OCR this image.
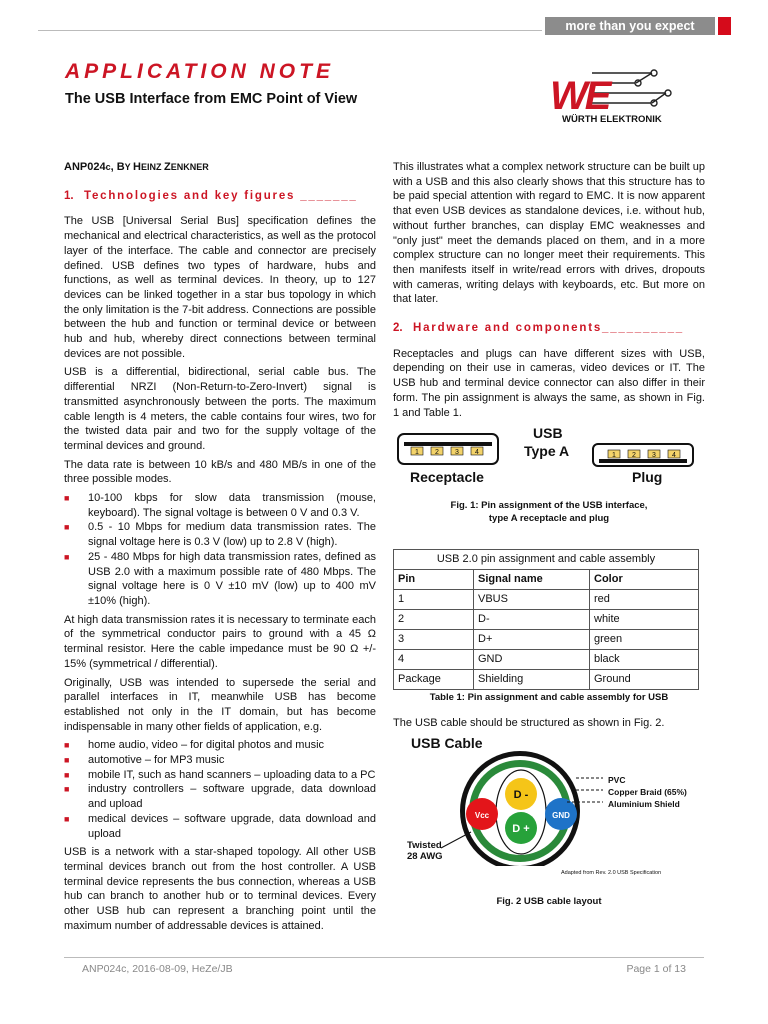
more than you expect
APPLICATION NOTE
The USB Interface from EMC Point of View	WE
WÜRTH ELEKTRONIK
ANP024c, BY HEINZ ZENKNER
1. Technologies and key figures _______

The USB [Universal Serial Bus] specification defines the mechanical and electrical characteristics, as well as the protocol layer of the interface. The cable and connector are precisely defined. USB defines two types of hardware, hubs and functions, as well as terminal devices. In theory, up to 127 devices can be linked together in a star bus topology in which the only limitation is the 7-bit address. Connections are possible between the hub and function or terminal device or between hub and hub, whereby direct connections between terminal devices are not possible.

USB is a differential, bidirectional, serial cable bus. The differential NRZI (Non-Return-to-Zero-Invert) signal is transmitted asynchronously between the ports. The maximum cable length is 4 meters, the cable contains four wires, two for the twisted data pair and two for the supply voltage of the terminal devices and ground.

The data rate is between 10 kB/s and 480 MB/s in one of the three possible modes.

■ 10-100 kbps for slow data transmission (mouse, keyboard). The signal voltage is between 0 V and 0.3 V.
■ 0.5 - 10 Mbps for medium data transmission rates. The signal voltage here is 0.3 V (low) up to 2.8 V (high).
■ 25 - 480 Mbps for high data transmission rates, defined as USB 2.0 with a maximum possible rate of 480 Mbps. The signal voltage here is 0 V ±10 mV (low) up to 400 mV ±10% (high).

At high data transmission rates it is necessary to terminate each of the symmetrical conductor pairs to ground with a 45 Ω terminal resistor. Here the cable impedance must be 90 Ω +/- 15% (symmetrical / differential).

Originally, USB was intended to supersede the serial and parallel interfaces in IT, meanwhile USB has become established not only in the IT domain, but has become indispensable in many other fields of application, e.g.

■ home audio, video – for digital photos and music
■ automotive – for MP3 music
■ mobile IT, such as hand scanners – uploading data to a PC
■ industry controllers – software upgrade, data download and upload
■ medical devices – software upgrade, data download and upload

USB is a network with a star-shaped topology. All other USB terminal devices branch out from the host controller. A USB terminal device represents the bus connection, whereas a USB hub can branch to another hub or to terminal devices. Every other USB hub can represent a branching point until the maximum number of addressable devices is attained.

This illustrates what a complex network structure can be built up with a USB and this also clearly shows that this structure has to be paid special attention with regard to EMC. It is now apparent that even USB devices as standalone devices, i.e. without hub, without further branches, can display EMC weaknesses and "only just" meet the demands placed on them, and in a more complex structure can no longer meet their requirements. This then manifests itself in write/read errors with drives, dropouts with cameras, writing delays with keyboards, etc. But more on that later.

2. Hardware and components__________

Receptacles and plugs can have different sizes with USB, depending on their use in cameras, video devices or IT. The USB hub and terminal device connector can also differ in their form. The pin assignment is always the same, as shown in Fig. 1 and Table 1.

1 2 3 4	1 2 3 4
USB
Type A
Receptacle	Plug
Fig. 1: Pin assignment of the USB interface,
type A receptacle and plug
USB 2.0 pin assignment and cable assembly		
Pin	Signal name	Color
1	VBUS	red
2	D-	white
3	D+	green
4	GND	black
Package	Shielding	Ground
Table 1: Pin assignment and cable assembly for USB

The USB cable should be structured as shown in Fig. 2.

USB Cable
Vcc
D -
D +
GND
PVC
Copper Braid (65%)
Aluminium Shield
Twisted
28 AWG
Adapted from Rev. 2.0 USB Specification
Fig. 2 USB cable layout
ANP024c, 2016-08-09, HeZe/JB	Page 1 of 13
